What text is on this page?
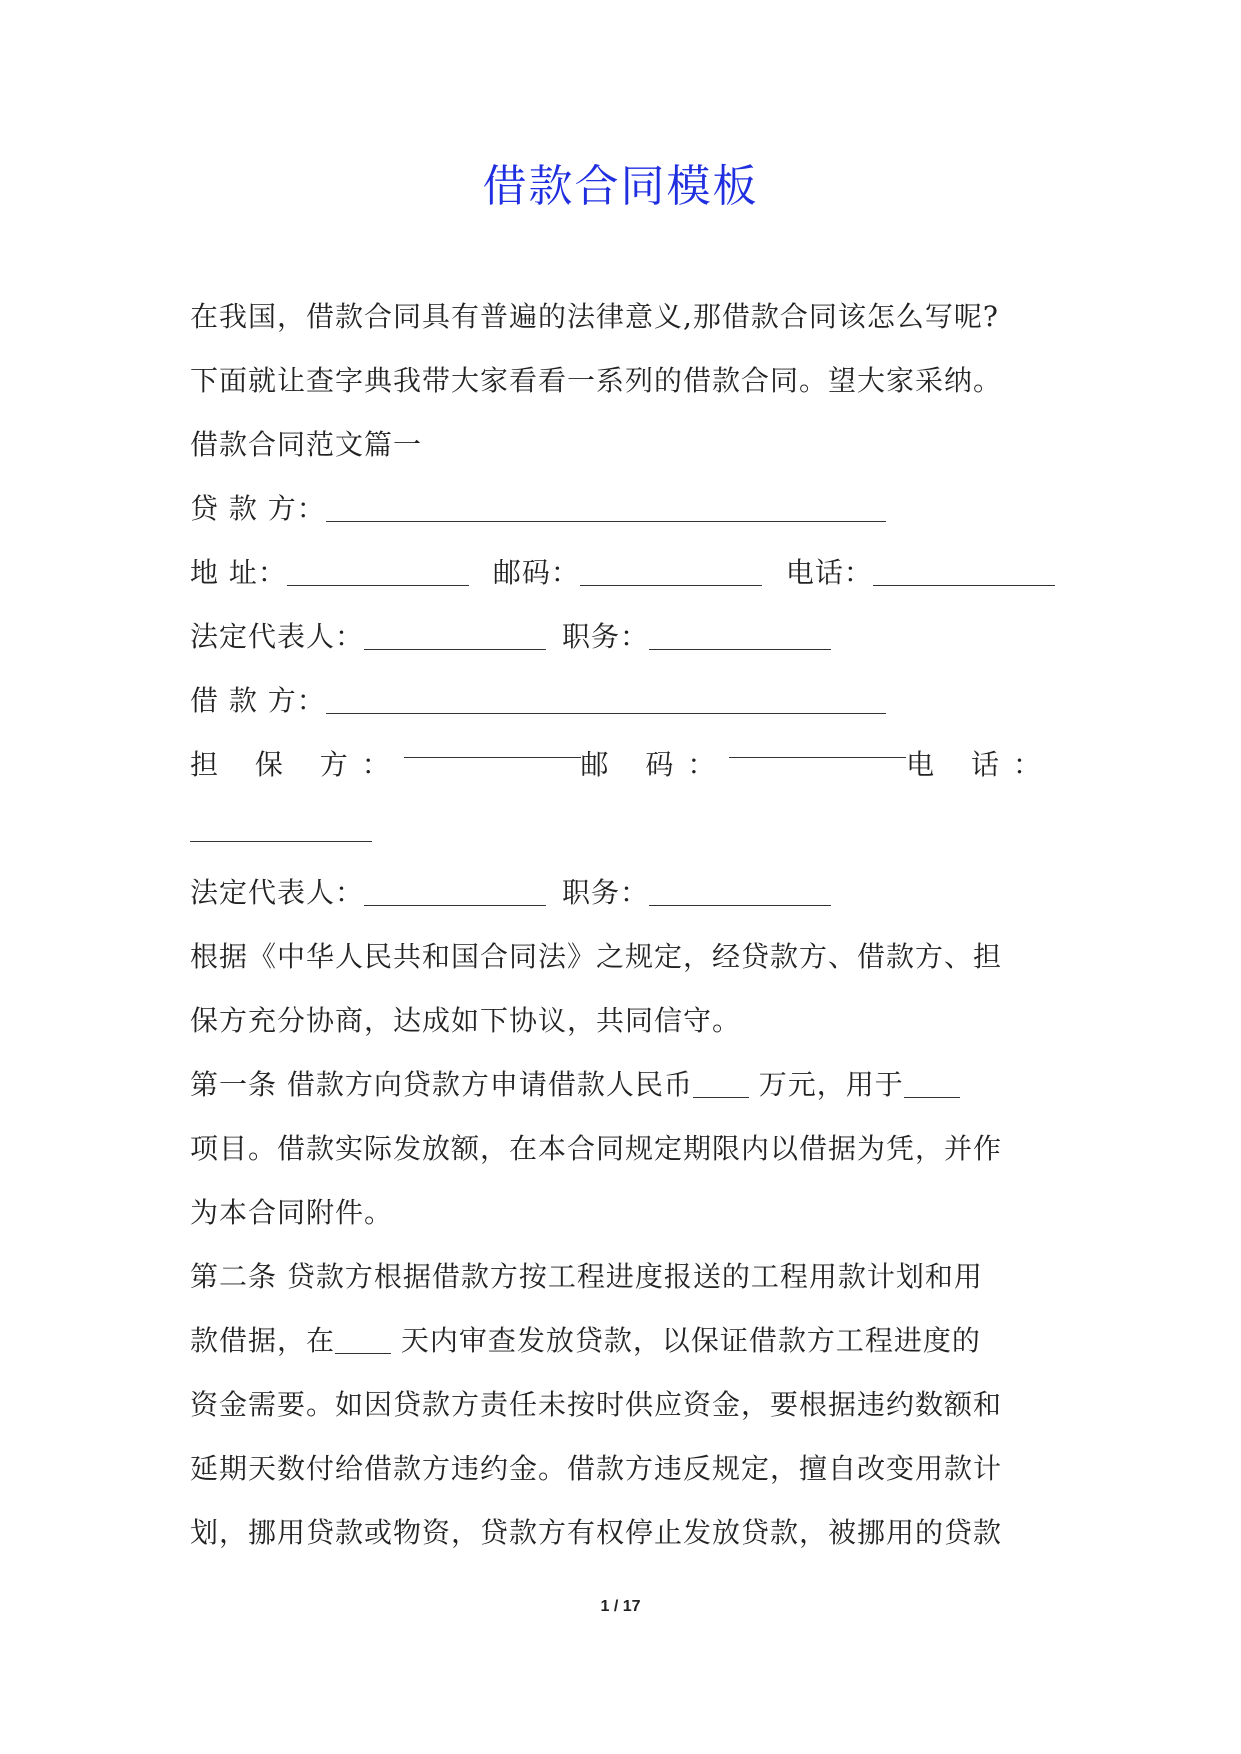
借款合同模板
在我国，借款合同具有普遍的法律意义,那借款合同该怎么写呢?
下面就让查字典我带大家看看一系列的借款合同。望大家采纳。
借款合同范文篇一
贷 款 方：
地 址：	邮码：	电话：
法定代表人：	职务：
借 款 方：
担 保 方：	邮 码：	电 话：
法定代表人：	职务：
根据《中华人民共和国合同法》之规定，经贷款方、借款方、担
保方充分协商，达成如下协议，共同信守。
第一条 借款方向贷款方申请借款人民币 万元，用于
项目。借款实际发放额，在本合同规定期限内以借据为凭，并作
为本合同附件。
第二条 贷款方根据借款方按工程进度报送的工程用款计划和用
款借据，在 天内审查发放贷款，以保证借款方工程进度的
资金需要。如因贷款方责任未按时供应资金，要根据违约数额和
延期天数付给借款方违约金。借款方违反规定，擅自改变用款计
划，挪用贷款或物资，贷款方有权停止发放贷款，被挪用的贷款
1 / 17
